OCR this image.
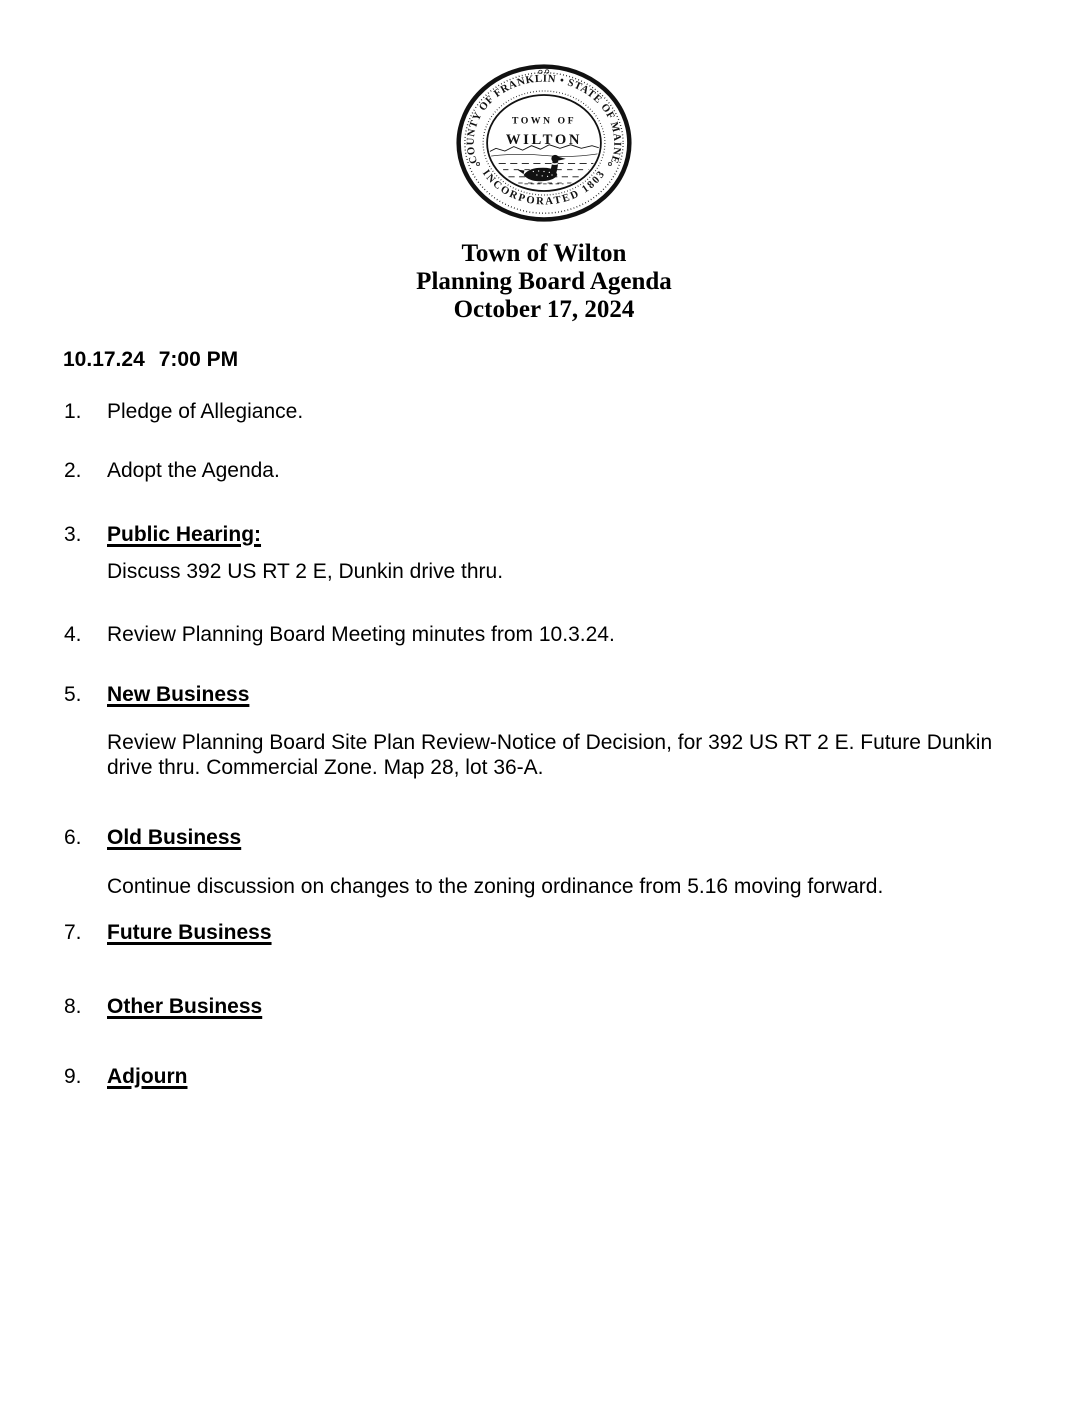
COUNTY OF FRANKLIN • STATE OF MAINE
INCORPORATED 1803
TOWN OF
WILTON
Town of Wilton
Planning Board Agenda
October 17, 2024
10.17.24 7:00 PM
1.	Pledge of Allegiance.
2.	Adopt the Agenda.
3.	Public Hearing:
Discuss 392 US RT 2 E, Dunkin drive thru.
4.	Review Planning Board Meeting minutes from 10.3.24.
5.	New Business
Review Planning Board Site Plan Review-Notice of Decision, for 392 US RT 2 E. Future Dunkin drive thru. Commercial Zone. Map 28, lot 36-A.
6.	Old Business
Continue discussion on changes to the zoning ordinance from 5.16 moving forward.
7.	Future Business
8.	Other Business
9.	Adjourn
